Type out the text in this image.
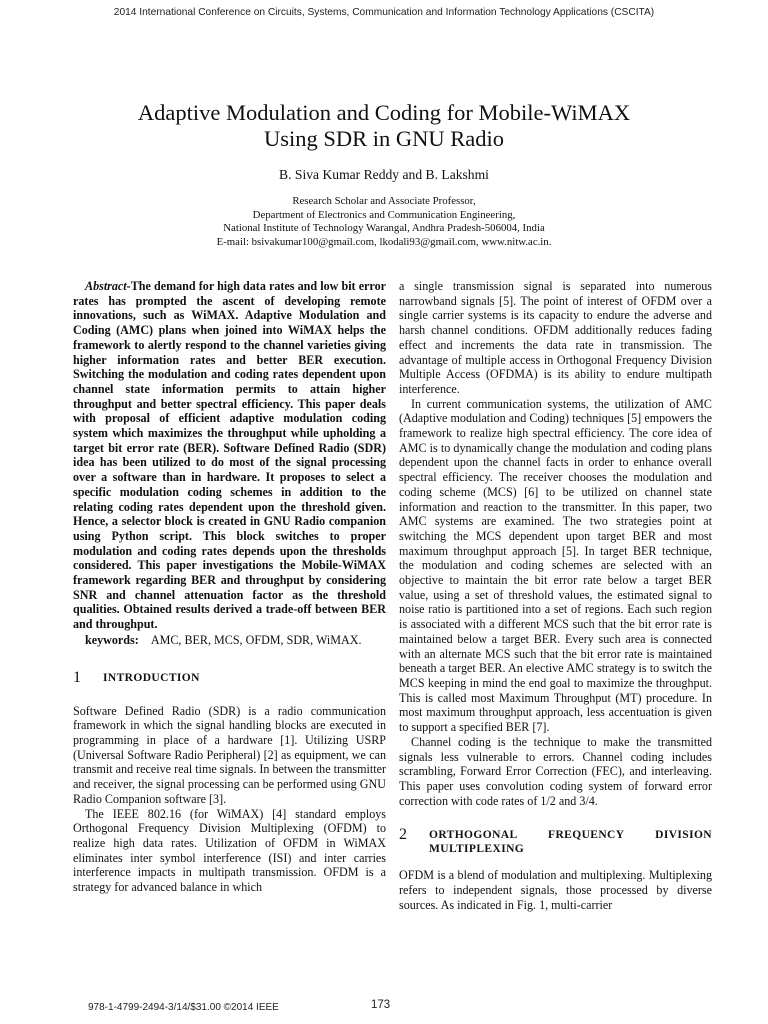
2014 International Conference on Circuits, Systems, Communication and Information Technology Applications (CSCITA)
Adaptive Modulation and Coding for Mobile-WiMAX
Using SDR in GNU Radio
B. Siva Kumar Reddy and B. Lakshmi
Research Scholar and Associate Professor,
Department of Electronics and Communication Engineering,
National Institute of Technology Warangal, Andhra Pradesh-506004, India
E-mail: bsivakumar100@gmail.com, lkodali93@gmail.com, www.nitw.ac.in.

Abstract-The demand for high data rates and low bit error rates has prompted the ascent of developing remote innovations, such as WiMAX. Adaptive Modulation and Coding (AMC) plans when joined into WiMAX helps the framework to alertly respond to the channel varieties giving higher information rates and better BER execution. Switching the modulation and coding rates dependent upon channel state information permits to attain higher throughput and better spectral efficiency. This paper deals with proposal of efficient adaptive modulation coding system which maximizes the throughput while upholding a target bit error rate (BER). Software Defined Radio (SDR) idea has been utilized to do most of the signal processing over a software than in hardware. It proposes to select a specific modulation coding schemes in addition to the relating coding rates dependent upon the threshold given. Hence, a selector block is created in GNU Radio companion using Python script. This block switches to proper modulation and coding rates depends upon the thresholds considered. This paper investigations the Mobile-WiMAX framework regarding BER and throughput by considering SNR and channel attenuation factor as the threshold qualities. Obtained results derived a trade-off between BER and throughput.

keywords: AMC, BER, MCS, OFDM, SDR, WiMAX.

1	INTRODUCTION

Software Defined Radio (SDR) is a radio communication framework in which the signal handling blocks are executed in programming in place of a hardware [1]. Utilizing USRP (Universal Software Radio Peripheral) [2] as equipment, we can transmit and receive real time signals. In between the transmitter and receiver, the signal processing can be performed using GNU Radio Companion software [3].

The IEEE 802.16 (for WiMAX) [4] standard employs Orthogonal Frequency Division Multiplexing (OFDM) to realize high data rates. Utilization of OFDM in WiMAX eliminates inter symbol interference (ISI) and inter carries interference impacts in multipath transmission. OFDM is a strategy for advanced balance in which

a single transmission signal is separated into numerous narrowband signals [5]. The point of interest of OFDM over a single carrier systems is its capacity to endure the adverse and harsh channel conditions. OFDM additionally reduces fading effect and increments the data rate in transmission. The advantage of multiple access in Orthogonal Frequency Division Multiple Access (OFDMA) is its ability to endure multipath interference.

In current communication systems, the utilization of AMC (Adaptive modulation and Coding) techniques [5] empowers the framework to realize high spectral efficiency. The core idea of AMC is to dynamically change the modulation and coding plans dependent upon the channel facts in order to enhance overall spectral efficiency. The receiver chooses the modulation and coding scheme (MCS) [6] to be utilized on channel state information and reaction to the transmitter. In this paper, two AMC systems are examined. The two strategies point at switching the MCS dependent upon target BER and most maximum throughput approach [5]. In target BER technique, the modulation and coding schemes are selected with an objective to maintain the bit error rate below a target BER value, using a set of threshold values, the estimated signal to noise ratio is partitioned into a set of regions. Each such region is associated with a different MCS such that the bit error rate is maintained below a target BER. Every such area is connected with an alternate MCS such that the bit error rate is maintained beneath a target BER. An elective AMC strategy is to switch the MCS keeping in mind the end goal to maximize the throughput. This is called most Maximum Throughput (MT) procedure. In most maximum throughput approach, less accentuation is given to support a specified BER [7].

Channel coding is the technique to make the transmitted signals less vulnerable to errors. Channel coding includes scrambling, Forward Error Correction (FEC), and interleaving. This paper uses convolution coding system of forward error correction with code rates of 1/2 and 3/4.

2	ORTHOGONAL FREQUENCY DIVISION MULTIPLEXING

OFDM is a blend of modulation and multiplexing. Multiplexing refers to independent signals, those processed by diverse sources. As indicated in Fig. 1, multi-carrier

978-1-4799-2494-3/14/$31.00 ©2014 IEEE	173
